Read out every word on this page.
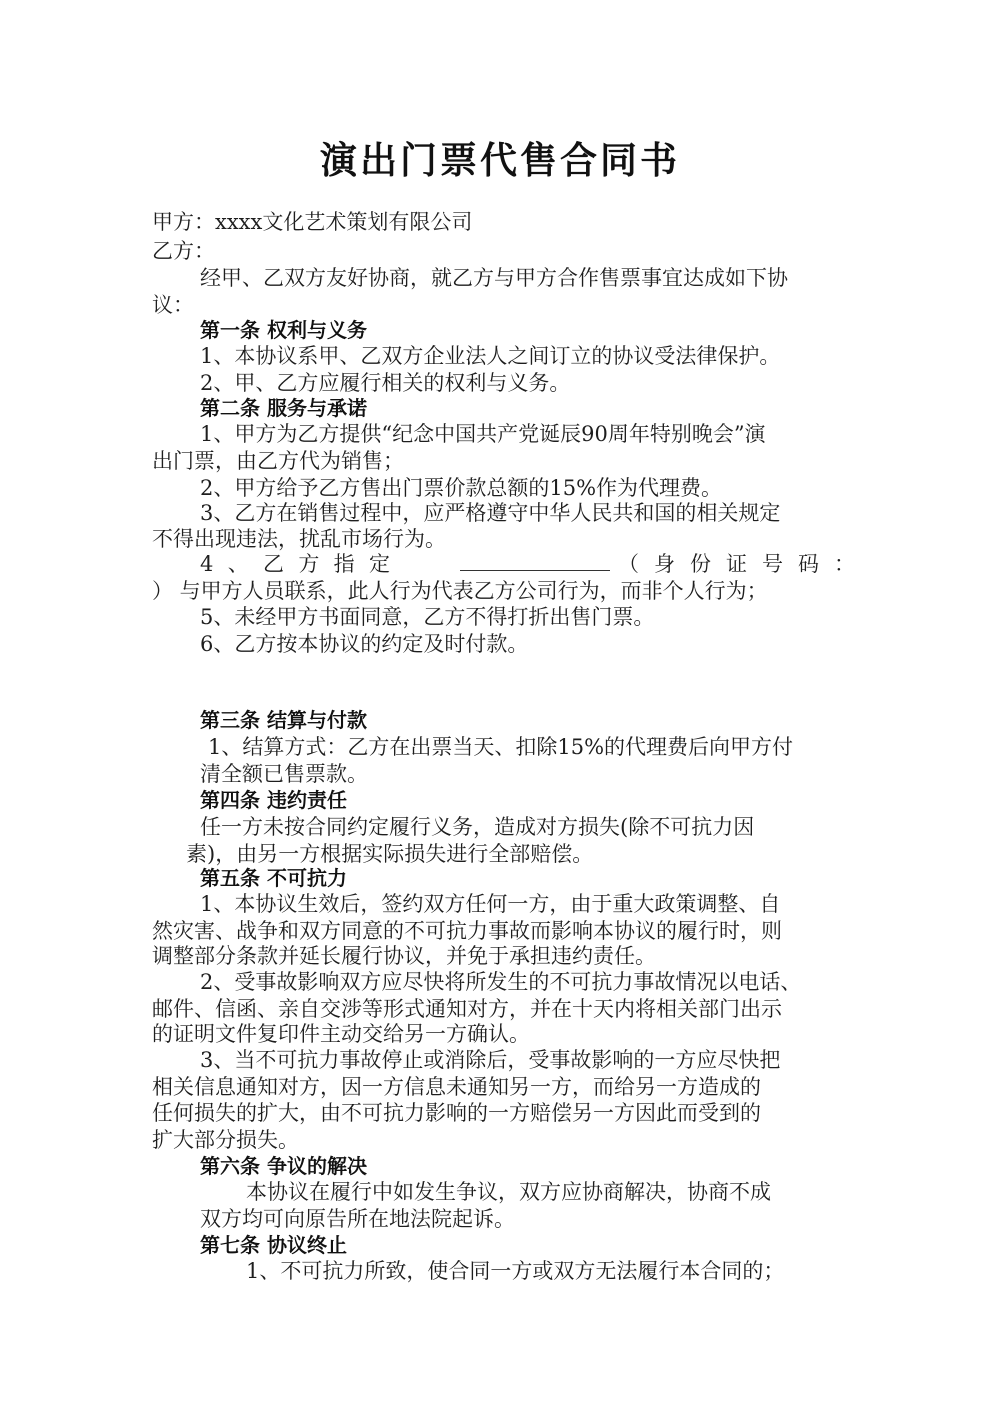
演出门票代售合同书
甲方：xxxx文化艺术策划有限公司
乙方：
经甲、乙双方友好协商，就乙方与甲方合作售票事宜达成如下协
议：
第一条 权利与义务
1、本协议系甲、乙双方企业法人之间订立的协议受法律保护。
2、甲、乙方应履行相关的权利与义务。
第二条 服务与承诺
1、甲方为乙方提供“纪念中国共产党诞辰90周年特别晚会”演
出门票，由乙方代为销售；
2、甲方给予乙方售出门票价款总额的15%作为代理费。
3、乙方在销售过程中，应严格遵守中华人民共和国的相关规定
不得出现违法，扰乱市场行为。
4 、 乙 方 指 定	（ 身 份 证 号 码 ：
） 与甲方人员联系，此人行为代表乙方公司行为，而非个人行为；
5、未经甲方书面同意，乙方不得打折出售门票。
6、乙方按本协议的约定及时付款。
第三条 结算与付款
1、结算方式：乙方在出票当天、扣除15%的代理费后向甲方付
清全额已售票款。
第四条 违约责任
任一方未按合同约定履行义务，造成对方损失(除不可抗力因
素)，由另一方根据实际损失进行全部赔偿。
第五条 不可抗力
1、本协议生效后，签约双方任何一方，由于重大政策调整、自
然灾害、战争和双方同意的不可抗力事故而影响本协议的履行时，则
调整部分条款并延长履行协议，并免于承担违约责任。
2、受事故影响双方应尽快将所发生的不可抗力事故情况以电话、
邮件、信函、亲自交涉等形式通知对方，并在十天内将相关部门出示
的证明文件复印件主动交给另一方确认。
3、当不可抗力事故停止或消除后，受事故影响的一方应尽快把
相关信息通知对方，因一方信息未通知另一方，而给另一方造成的
任何损失的扩大，由不可抗力影响的一方赔偿另一方因此而受到的
扩大部分损失。
第六条 争议的解决
本协议在履行中如发生争议，双方应协商解决，协商不成
双方均可向原告所在地法院起诉。
第七条 协议终止
1、不可抗力所致，使合同一方或双方无法履行本合同的；
